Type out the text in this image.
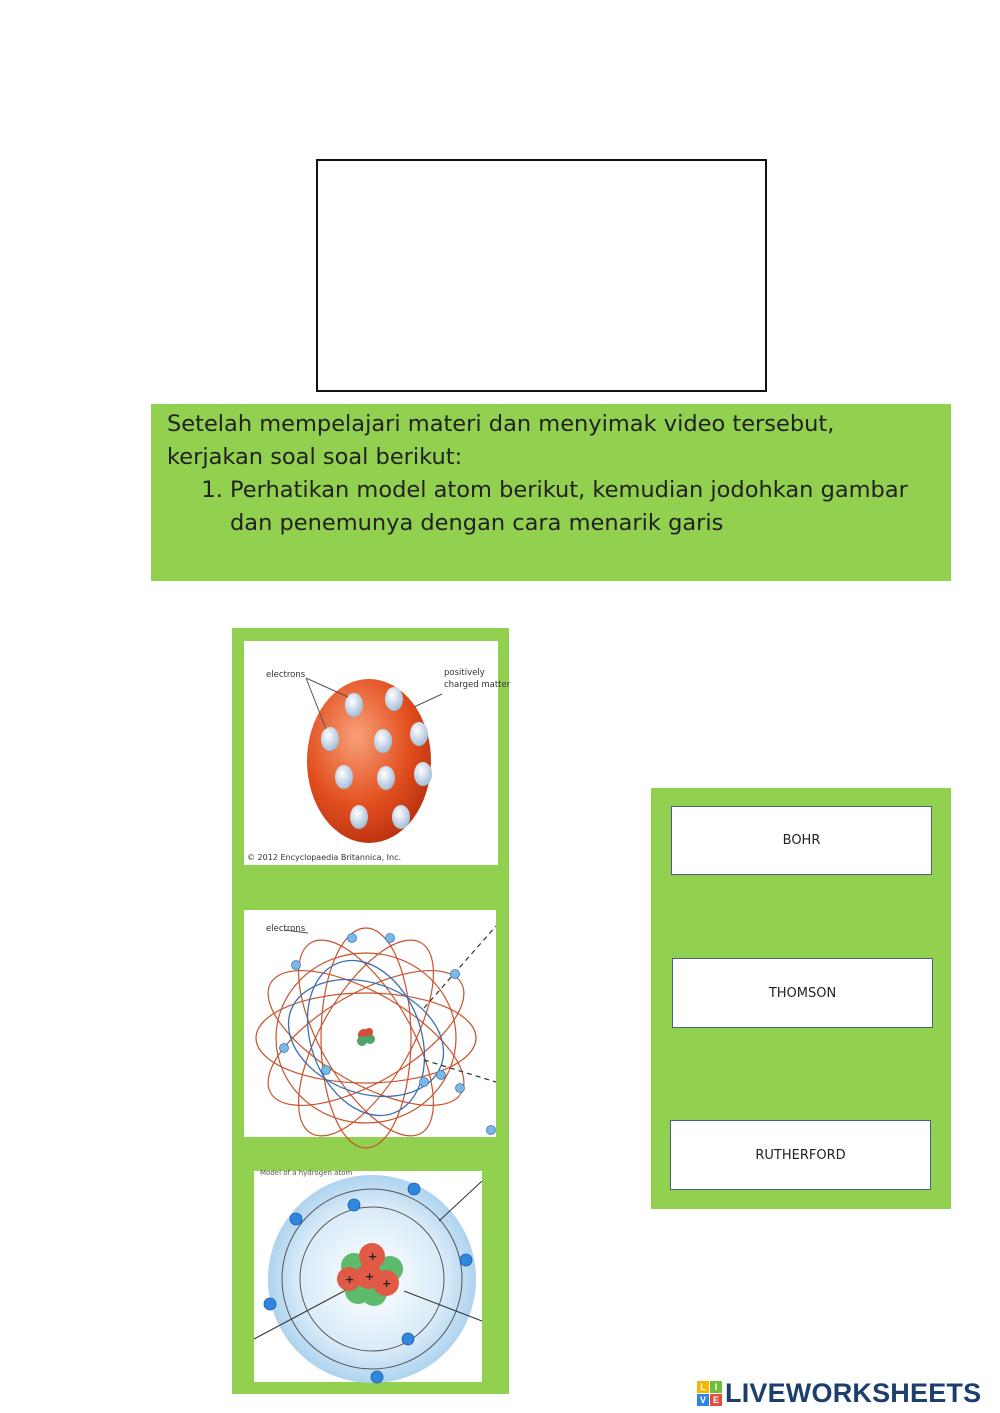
Setelah mempelajari materi dan menyimak video tersebut, kerjakan soal soal berikut:

1. Perhatikan model atom berikut, kemudian jodohkan gambar dan penemunya dengan cara menarik garis
electrons	positively
charged matter
© 2012 Encyclopaedia Britannica, Inc.
electrons
Model of a hydrogen atom
+
+
+ +
BOHR
THOMSON
RUTHERFORD
L I
V E LIVEWORKSHEETS
